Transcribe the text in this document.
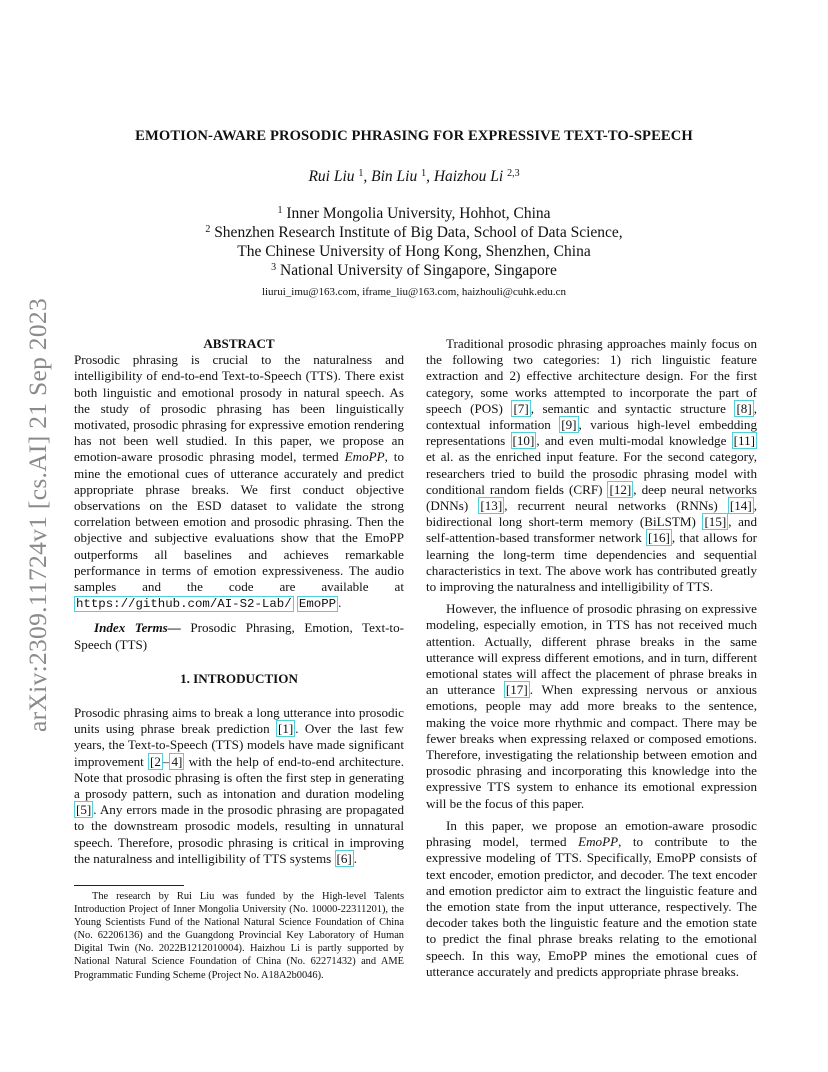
arXiv:2309.11724v1 [cs.AI] 21 Sep 2023
EMOTION-AWARE PROSODIC PHRASING FOR EXPRESSIVE TEXT-TO-SPEECH
Rui Liu $^1$, Bin Liu $^1$, Haizhou Li $^{2,3}$
$^1$ Inner Mongolia University, Hohhot, China
$^2$ Shenzhen Research Institute of Big Data, School of Data Science,
The Chinese University of Hong Kong, Shenzhen, China
$^3$ National University of Singapore, Singapore
liurui_imu@163.com, iframe_liu@163.com, haizhouli@cuhk.edu.cn

ABSTRACT

Prosodic phrasing is crucial to the naturalness and intelligibility of end-to-end Text-to-Speech (TTS). There exist both linguistic and emotional prosody in natural speech. As the study of prosodic phrasing has been linguistically motivated, prosodic phrasing for expressive emotion rendering has not been well studied. In this paper, we propose an emotion-aware prosodic phrasing model, termed EmoPP, to mine the emotional cues of utterance accurately and predict appropriate phrase breaks. We first conduct objective observations on the ESD dataset to validate the strong correlation between emotion and prosodic phrasing. Then the objective and subjective evaluations show that the EmoPP outperforms all baselines and achieves remarkable performance in terms of emotion expressiveness. The audio samples and the code are available at https://github.com/AI-S2-Lab/ EmoPP .

Index Terms— Prosodic Phrasing, Emotion, Text-to-Speech (TTS)

1. INTRODUCTION

Prosodic phrasing aims to break a long utterance into prosodic units using phrase break prediction [1] . Over the last few years, the Text-to-Speech (TTS) models have made significant improvement [2 – 4] with the help of end-to-end architecture. Note that prosodic phrasing is often the first step in generating a prosody pattern, such as intonation and duration modeling [5] . Any errors made in the prosodic phrasing are propagated to the downstream prosodic models, resulting in unnatural speech. Therefore, prosodic phrasing is critical in improving the naturalness and intelligibility of TTS systems [6] .

The research by Rui Liu was funded by the High-level Talents Introduction Project of Inner Mongolia University (No. 10000-22311201), the Young Scientists Fund of the National Natural Science Foundation of China (No. 62206136) and the Guangdong Provincial Key Laboratory of Human Digital Twin (No. 2022B1212010004). Haizhou Li is partly supported by National Natural Science Foundation of China (No. 62271432) and AME Programmatic Funding Scheme (Project No. A18A2b0046).

Traditional prosodic phrasing approaches mainly focus on the following two categories: 1) rich linguistic feature extraction and 2) effective architecture design. For the first category, some works attempted to incorporate the part of speech (POS) [7] , semantic and syntactic structure [8] , contextual information [9] , various high-level embedding representations [10] , and even multi-modal knowledge [11] et al. as the enriched input feature. For the second category, researchers tried to build the prosodic phrasing model with conditional random fields (CRF) [12] , deep neural networks (DNNs) [13] , recurrent neural networks (RNNs) [14] , bidirectional long short-term memory (BiLSTM) [15] , and self-attention-based transformer network [16] , that allows for learning the long-term time dependencies and sequential characteristics in text. The above work has contributed greatly to improving the naturalness and intelligibility of TTS.

However, the influence of prosodic phrasing on expressive modeling, especially emotion, in TTS has not received much attention. Actually, different phrase breaks in the same utterance will express different emotions, and in turn, different emotional states will affect the placement of phrase breaks in an utterance [17] . When expressing nervous or anxious emotions, people may add more breaks to the sentence, making the voice more rhythmic and compact. There may be fewer breaks when expressing relaxed or composed emotions. Therefore, investigating the relationship between emotion and prosodic phrasing and incorporating this knowledge into the expressive TTS system to enhance its emotional expression will be the focus of this paper.

In this paper, we propose an emotion-aware prosodic phrasing model, termed EmoPP, to contribute to the expressive modeling of TTS. Specifically, EmoPP consists of text encoder, emotion predictor, and decoder. The text encoder and emotion predictor aim to extract the linguistic feature and the emotion state from the input utterance, respectively. The decoder takes both the linguistic feature and the emotion state to predict the final phrase breaks relating to the emotional speech. In this way, EmoPP mines the emotional cues of utterance accurately and predicts appropriate phrase breaks.
